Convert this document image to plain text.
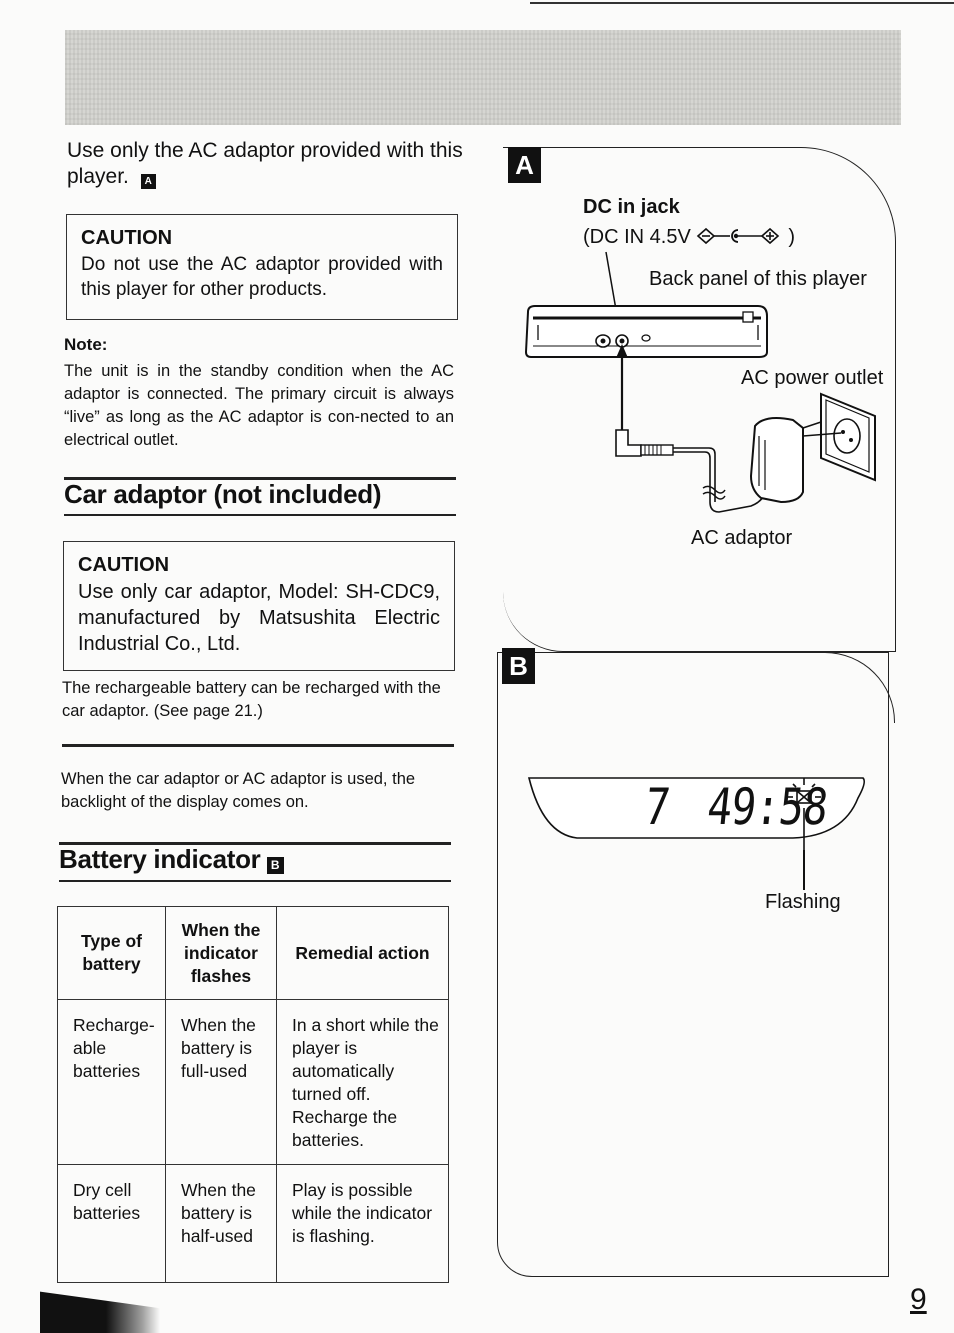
Use only the AC adaptor provided with this player. A
CAUTION

Do not use the AC adaptor provided with this player for other products.

Note:
The unit is in the standby condition when the AC adaptor is connected. The primary circuit is always “live” as long as the AC adaptor is con-nected to an electrical outlet.
Car adaptor (not included)
CAUTION

Use only car adaptor, Model: SH-CDC9, manufactured by Matsushita Electric Industrial Co., Ltd.

The rechargeable battery can be recharged with the car adaptor. (See page 21.)
When the car adaptor or AC adaptor is used, the backlight of the display comes on.
Battery indicator B
Type of battery	When the indicator flashes	Remedial action
Recharge-able batteries	When the battery is full-used	In a short while the player is automatically turned off. Recharge the batteries.
Dry cell batteries	When the battery is half-used	Play is possible while the indicator is flashing.
A
DC in jack
(DC IN 4.5V	)
Back panel of this player
AC power outlet
AC adaptor
B
7 49:58
Flashing
9
